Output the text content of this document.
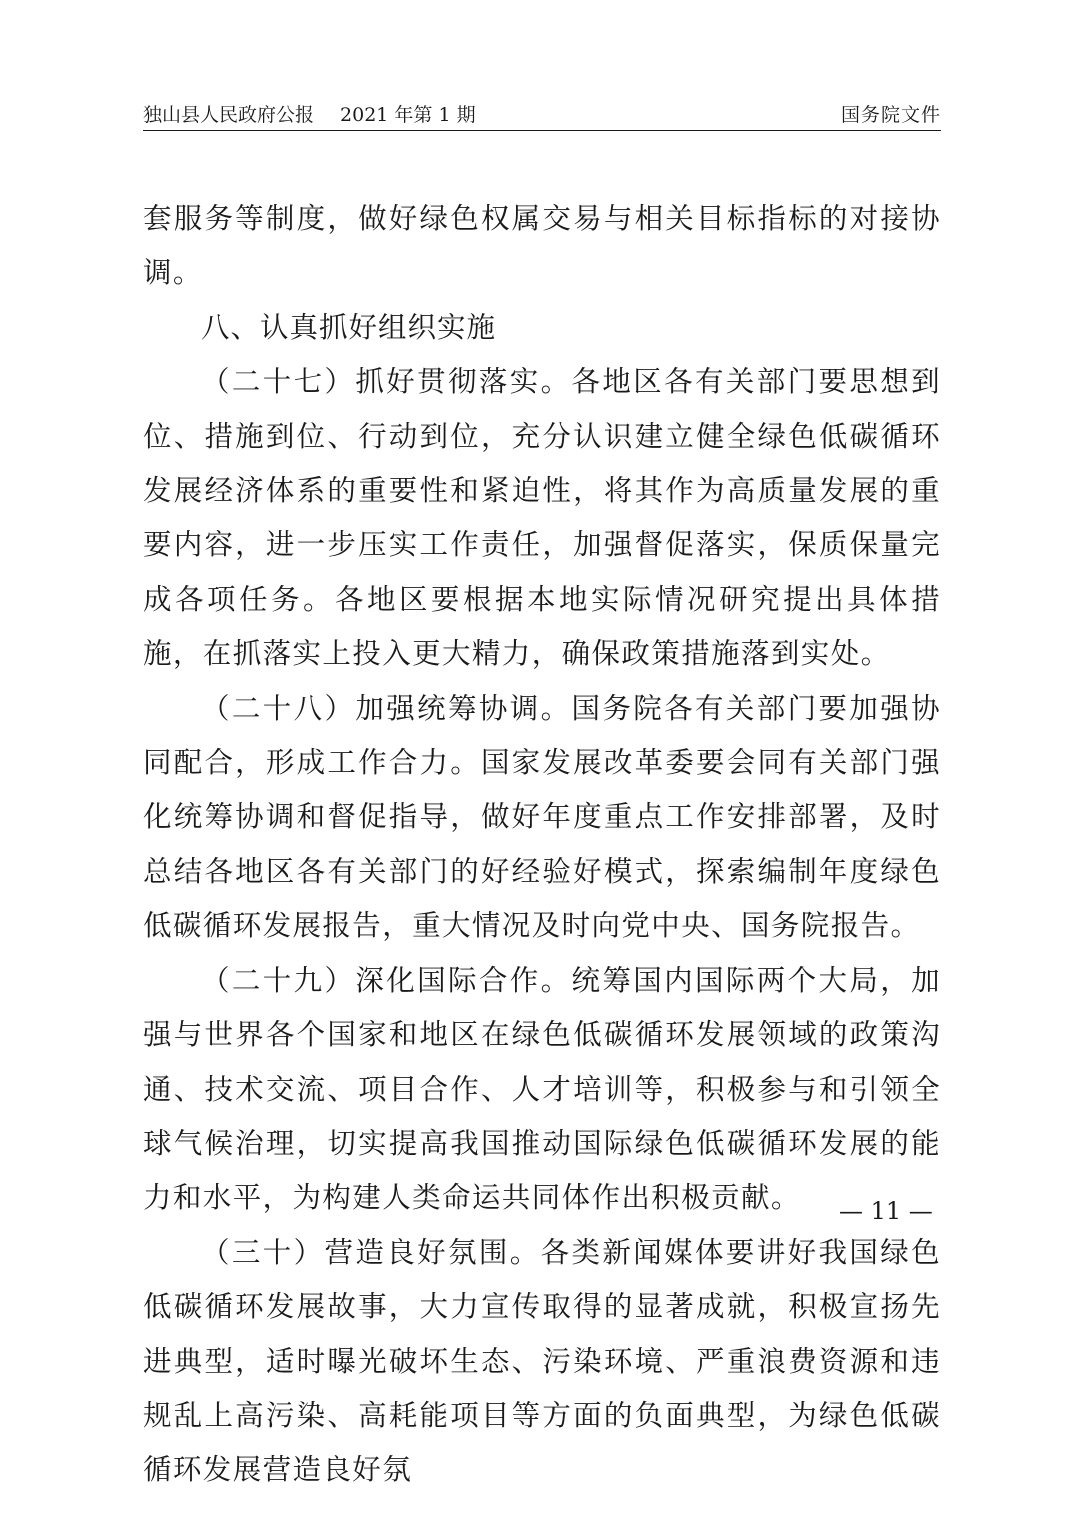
独山县人民政府公报 2021 年第 1 期	国务院文件

套服务等制度，做好绿色权属交易与相关目标指标的对接协调。

八、认真抓好组织实施

（二十七）抓好贯彻落实。各地区各有关部门要思想到位、措施到位、行动到位，充分认识建立健全绿色低碳循环发展经济体系的重要性和紧迫性，将其作为高质量发展的重要内容，进一步压实工作责任，加强督促落实，保质保量完成各项任务。各地区要根据本地实际情况研究提出具体措施，在抓落实上投入更大精力，确保政策措施落到实处。

（二十八）加强统筹协调。国务院各有关部门要加强协同配合，形成工作合力。国家发展改革委要会同有关部门强化统筹协调和督促指导，做好年度重点工作安排部署，及时总结各地区各有关部门的好经验好模式，探索编制年度绿色低碳循环发展报告，重大情况及时向党中央、国务院报告。

（二十九）深化国际合作。统筹国内国际两个大局，加强与世界各个国家和地区在绿色低碳循环发展领域的政策沟通、技术交流、项目合作、人才培训等，积极参与和引领全球气候治理，切实提高我国推动国际绿色低碳循环发展的能力和水平，为构建人类命运共同体作出积极贡献。

（三十）营造良好氛围。各类新闻媒体要讲好我国绿色低碳循环发展故事，大力宣传取得的显著成就，积极宣扬先进典型，适时曝光破坏生态、污染环境、严重浪费资源和违规乱上高污染、高耗能项目等方面的负面典型，为绿色低碳循环发展营造良好氛

— 11 —
